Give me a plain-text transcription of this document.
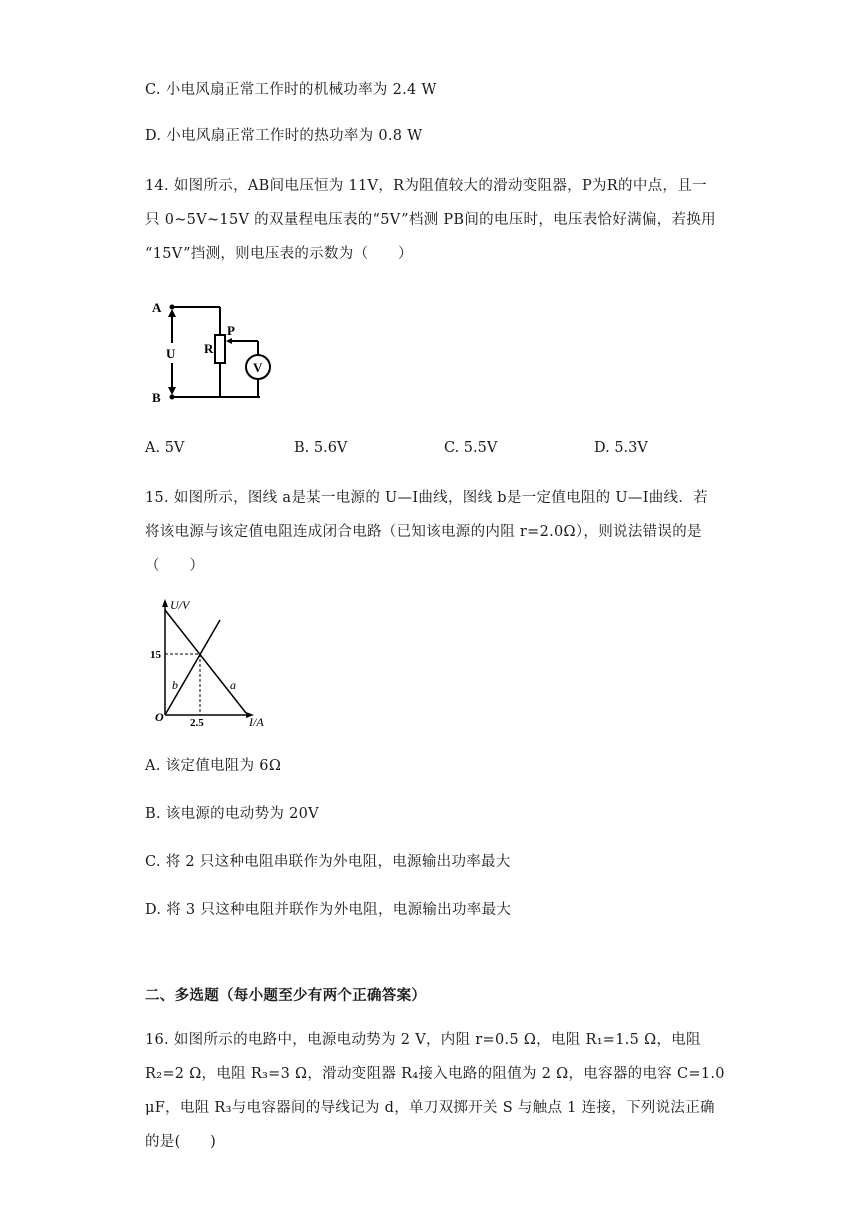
C. 小电风扇正常工作时的机械功率为 2.4 W
D. 小电风扇正常工作时的热功率为 0.8 W
14. 如图所示，AB间电压恒为 11V，R为阻值较大的滑动变阻器，P为R的中点，且一
只 0~5V~15V 的双量程电压表的“5V”档测 PB间的电压时，电压表恰好满偏，若换用
“15V”挡测，则电压表的示数为（　　）
A
B
U R
P
V
A. 5V	B. 5.6V	C. 5.5V	D. 5.3V
15. 如图所示，图线 a是某一电源的 U—I曲线，图线 b是一定值电阻的 U—I曲线．若
将该电源与该定值电阻连成闭合电路（已知该电源的内阻 r=2.0Ω），则说法错误的是
（　　）
U/V
I/A
O
15
2.5
a
b
A. 该定值电阻为 6Ω
B. 该电源的电动势为 20V
C. 将 2 只这种电阻串联作为外电阻，电源输出功率最大
D. 将 3 只这种电阻并联作为外电阻，电源输出功率最大
二、多选题（每小题至少有两个正确答案）
16. 如图所示的电路中，电源电动势为 2 V，内阻 r=0.5 Ω，电阻 R₁=1.5 Ω，电阻
R₂=2 Ω，电阻 R₃=3 Ω，滑动变阻器 R₄接入电路的阻值为 2 Ω，电容器的电容 C=1.0
μF，电阻 R₃与电容器间的导线记为 d，单刀双掷开关 S 与触点 1 连接，下列说法正确
的是(　　)
